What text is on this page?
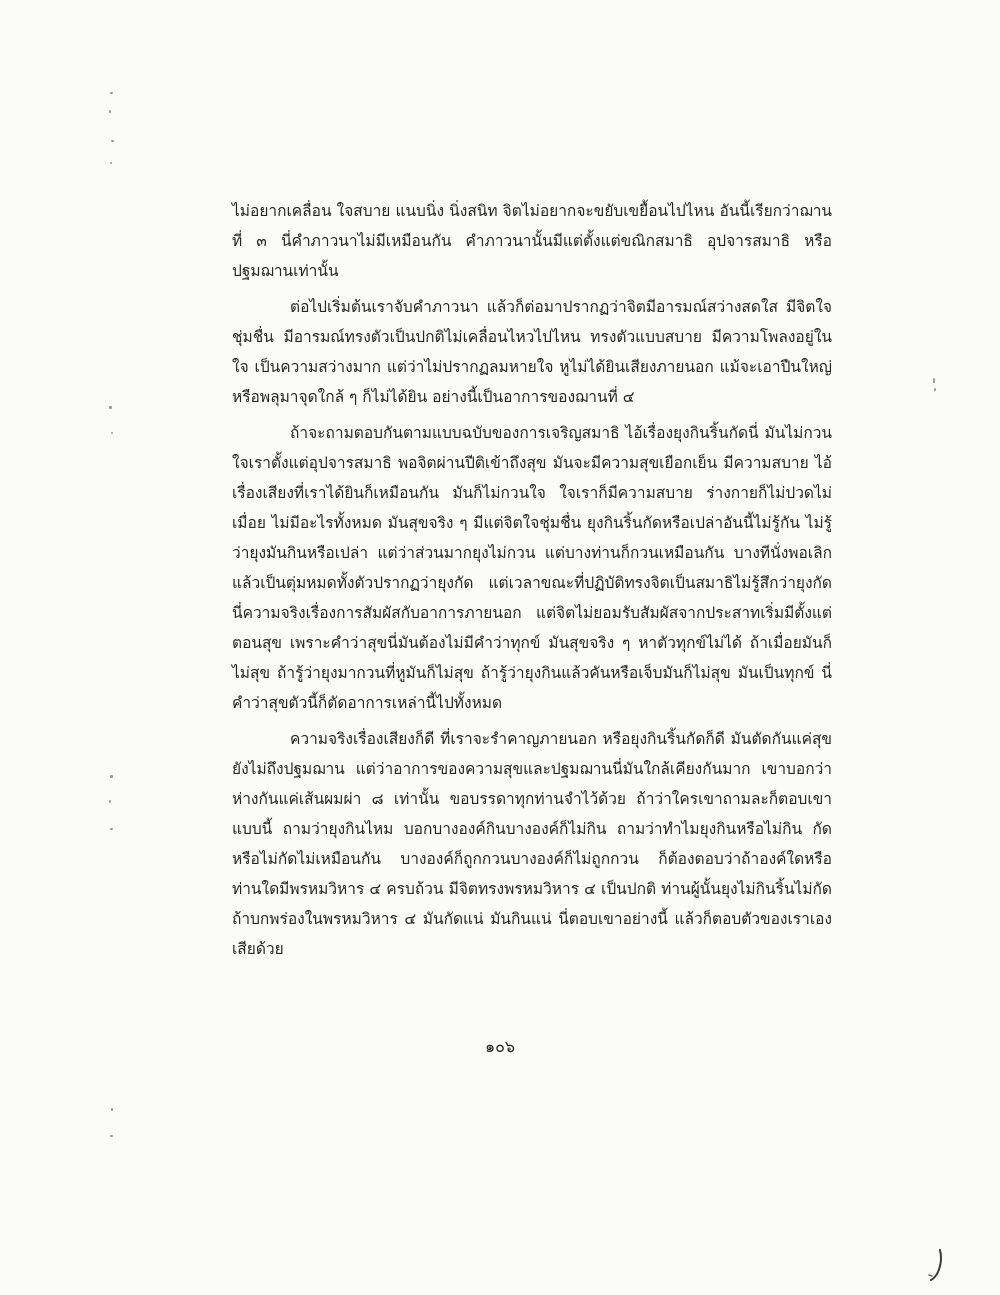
ไม่อยากเคลื่อน ใจสบาย แนบนิ่ง นิ่งสนิท จิตไม่อยากจะขยับเขยื้อนไปไหน อันนี้เรียกว่าฌานที่ ๓ นี่คำภาวนาไม่มีเหมือนกัน คำภาวนานั้นมีแต่ตั้งแต่ขณิกสมาธิ อุปจารสมาธิ หรือปฐมฌานเท่านั้น

ต่อไปเริ่มต้นเราจับคำภาวนา แล้วก็ต่อมาปรากฏว่าจิตมีอารมณ์สว่างสดใส มีจิตใจชุ่มชื่น มีอารมณ์ทรงตัวเป็นปกติไม่เคลื่อนไหวไปไหน ทรงตัวแบบสบาย มีความโพลงอยู่ในใจ เป็นความสว่างมาก แต่ว่าไม่ปรากฏลมหายใจ หูไม่ได้ยินเสียงภายนอก แม้จะเอาปืนใหญ่หรือพลุมาจุดใกล้ ๆ ก็ไม่ได้ยิน อย่างนี้เป็นอาการของฌานที่ ๔

ถ้าจะถามตอบกันตามแบบฉบับของการเจริญสมาธิ ไอ้เรื่องยุงกินริ้นกัดนี่ มันไม่กวนใจเราตั้งแต่อุปจารสมาธิ พอจิตผ่านปีติเข้าถึงสุข มันจะมีความสุขเยือกเย็น มีความสบาย ไอ้เรื่องเสียงที่เราได้ยินก็เหมือนกัน มันก็ไม่กวนใจ ใจเราก็มีความสบาย ร่างกายก็ไม่ปวดไม่เมื่อย ไม่มีอะไรทั้งหมด มันสุขจริง ๆ มีแต่จิตใจชุ่มชื่น ยุงกินริ้นกัดหรือเปล่าอันนี้ไม่รู้กัน ไม่รู้ว่ายุงมันกินหรือเปล่า แต่ว่าส่วนมากยุงไม่กวน แต่บางท่านก็กวนเหมือนกัน บางทีนั่งพอเลิกแล้วเป็นตุ่มหมดทั้งตัวปรากฏว่ายุงกัด แต่เวลาขณะที่ปฏิบัติทรงจิตเป็นสมาธิไม่รู้สึกว่ายุงกัด นี่ความจริงเรื่องการสัมผัสกับอาการภายนอก แต่จิตไม่ยอมรับสัมผัสจากประสาทเริ่มมีตั้งแต่ตอนสุข เพราะคำว่าสุขนี่มันต้องไม่มีคำว่าทุกข์ มันสุขจริง ๆ หาตัวทุกข์ไม่ได้ ถ้าเมื่อยมันก็ไม่สุข ถ้ารู้ว่ายุงมากวนที่หูมันก็ไม่สุข ถ้ารู้ว่ายุงกินแล้วคันหรือเจ็บมันก็ไม่สุข มันเป็นทุกข์ นี่คำว่าสุขตัวนี้ก็ตัดอาการเหล่านี้ไปทั้งหมด

ความจริงเรื่องเสียงก็ดี ที่เราจะรำคาญภายนอก หรือยุงกินริ้นกัดก็ดี มันตัดกันแค่สุขยังไม่ถึงปฐมฌาน แต่ว่าอาการของความสุขและปฐมฌานนี่มันใกล้เคียงกันมาก เขาบอกว่าห่างกันแค่เส้นผมผ่า ๘ เท่านั้น ขอบรรดาทุกท่านจำไว้ด้วย ถ้าว่าใครเขาถามละก็ตอบเขาแบบนี้ ถามว่ายุงกินไหม บอกบางองค์กินบางองค์ก็ไม่กิน ถามว่าทำไมยุงกินหรือไม่กิน กัดหรือไม่กัดไม่เหมือนกัน บางองค์ก็ถูกกวนบางองค์ก็ไม่ถูกกวน ก็ต้องตอบว่าถ้าองค์ใดหรือท่านใดมีพรหมวิหาร ๔ ครบถ้วน มีจิตทรงพรหมวิหาร ๔ เป็นปกติ ท่านผู้นั้นยุงไม่กินริ้นไม่กัด ถ้าบกพร่องในพรหมวิหาร ๔ มันกัดแน่ มันกินแน่ นี่ตอบเขาอย่างนี้ แล้วก็ตอบตัวของเราเองเสียด้วย

๑๐๖
